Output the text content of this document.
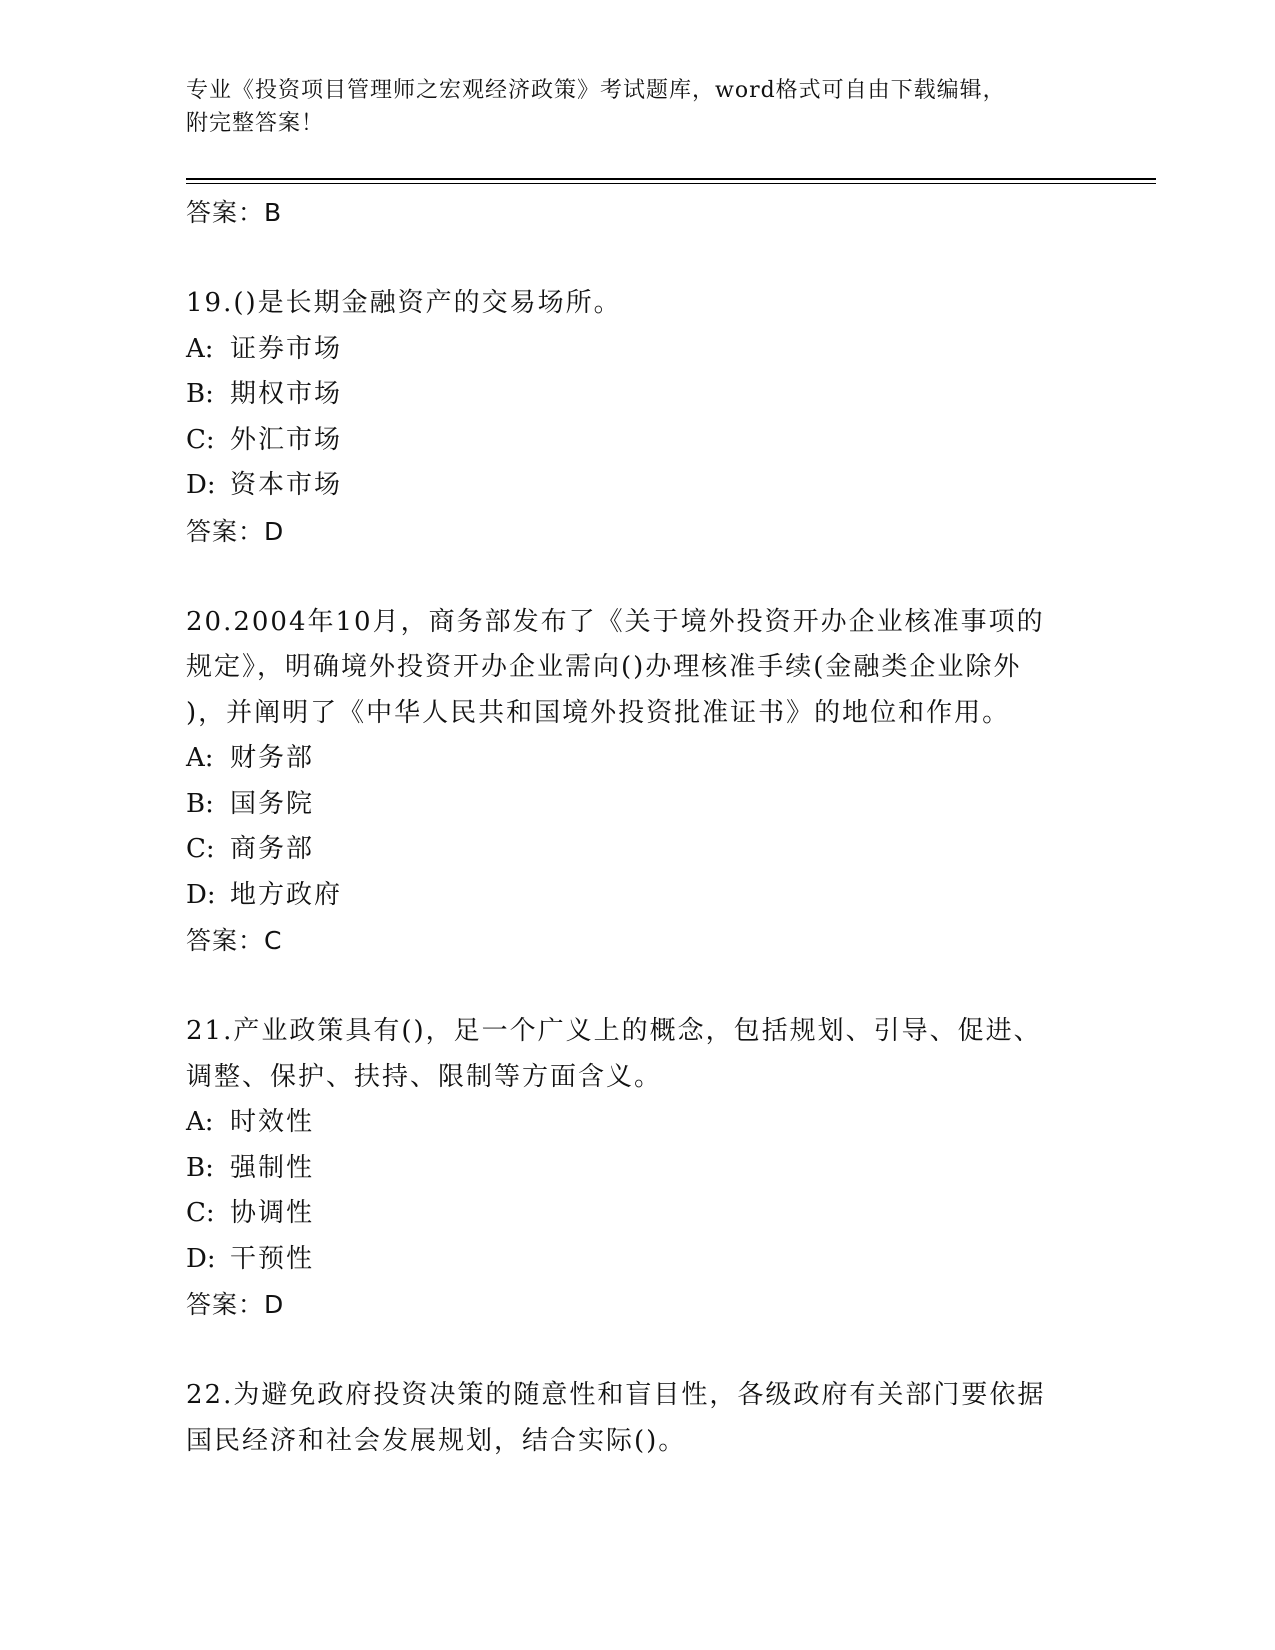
专业《投资项目管理师之宏观经济政策》考试题库，word格式可自由下载编辑，
附完整答案！
答案：B
19.()是长期金融资产的交易场所。
A: 证券市场
B: 期权市场
C: 外汇市场
D: 资本市场
答案：D
20.2004年10月，商务部发布了《关于境外投资开办企业核准事项的
规定》，明确境外投资开办企业需向()办理核准手续(金融类企业除外
)，并阐明了《中华人民共和国境外投资批准证书》的地位和作用。
A: 财务部
B: 国务院
C: 商务部
D: 地方政府
答案：C
21.产业政策具有()，足一个广义上的概念，包括规划、引导、促进、
调整、保护、扶持、限制等方面含义。
A: 时效性
B: 强制性
C: 协调性
D: 干预性
答案：D
22.为避免政府投资决策的随意性和盲目性，各级政府有关部门要依据
国民经济和社会发展规划，结合实际()。
